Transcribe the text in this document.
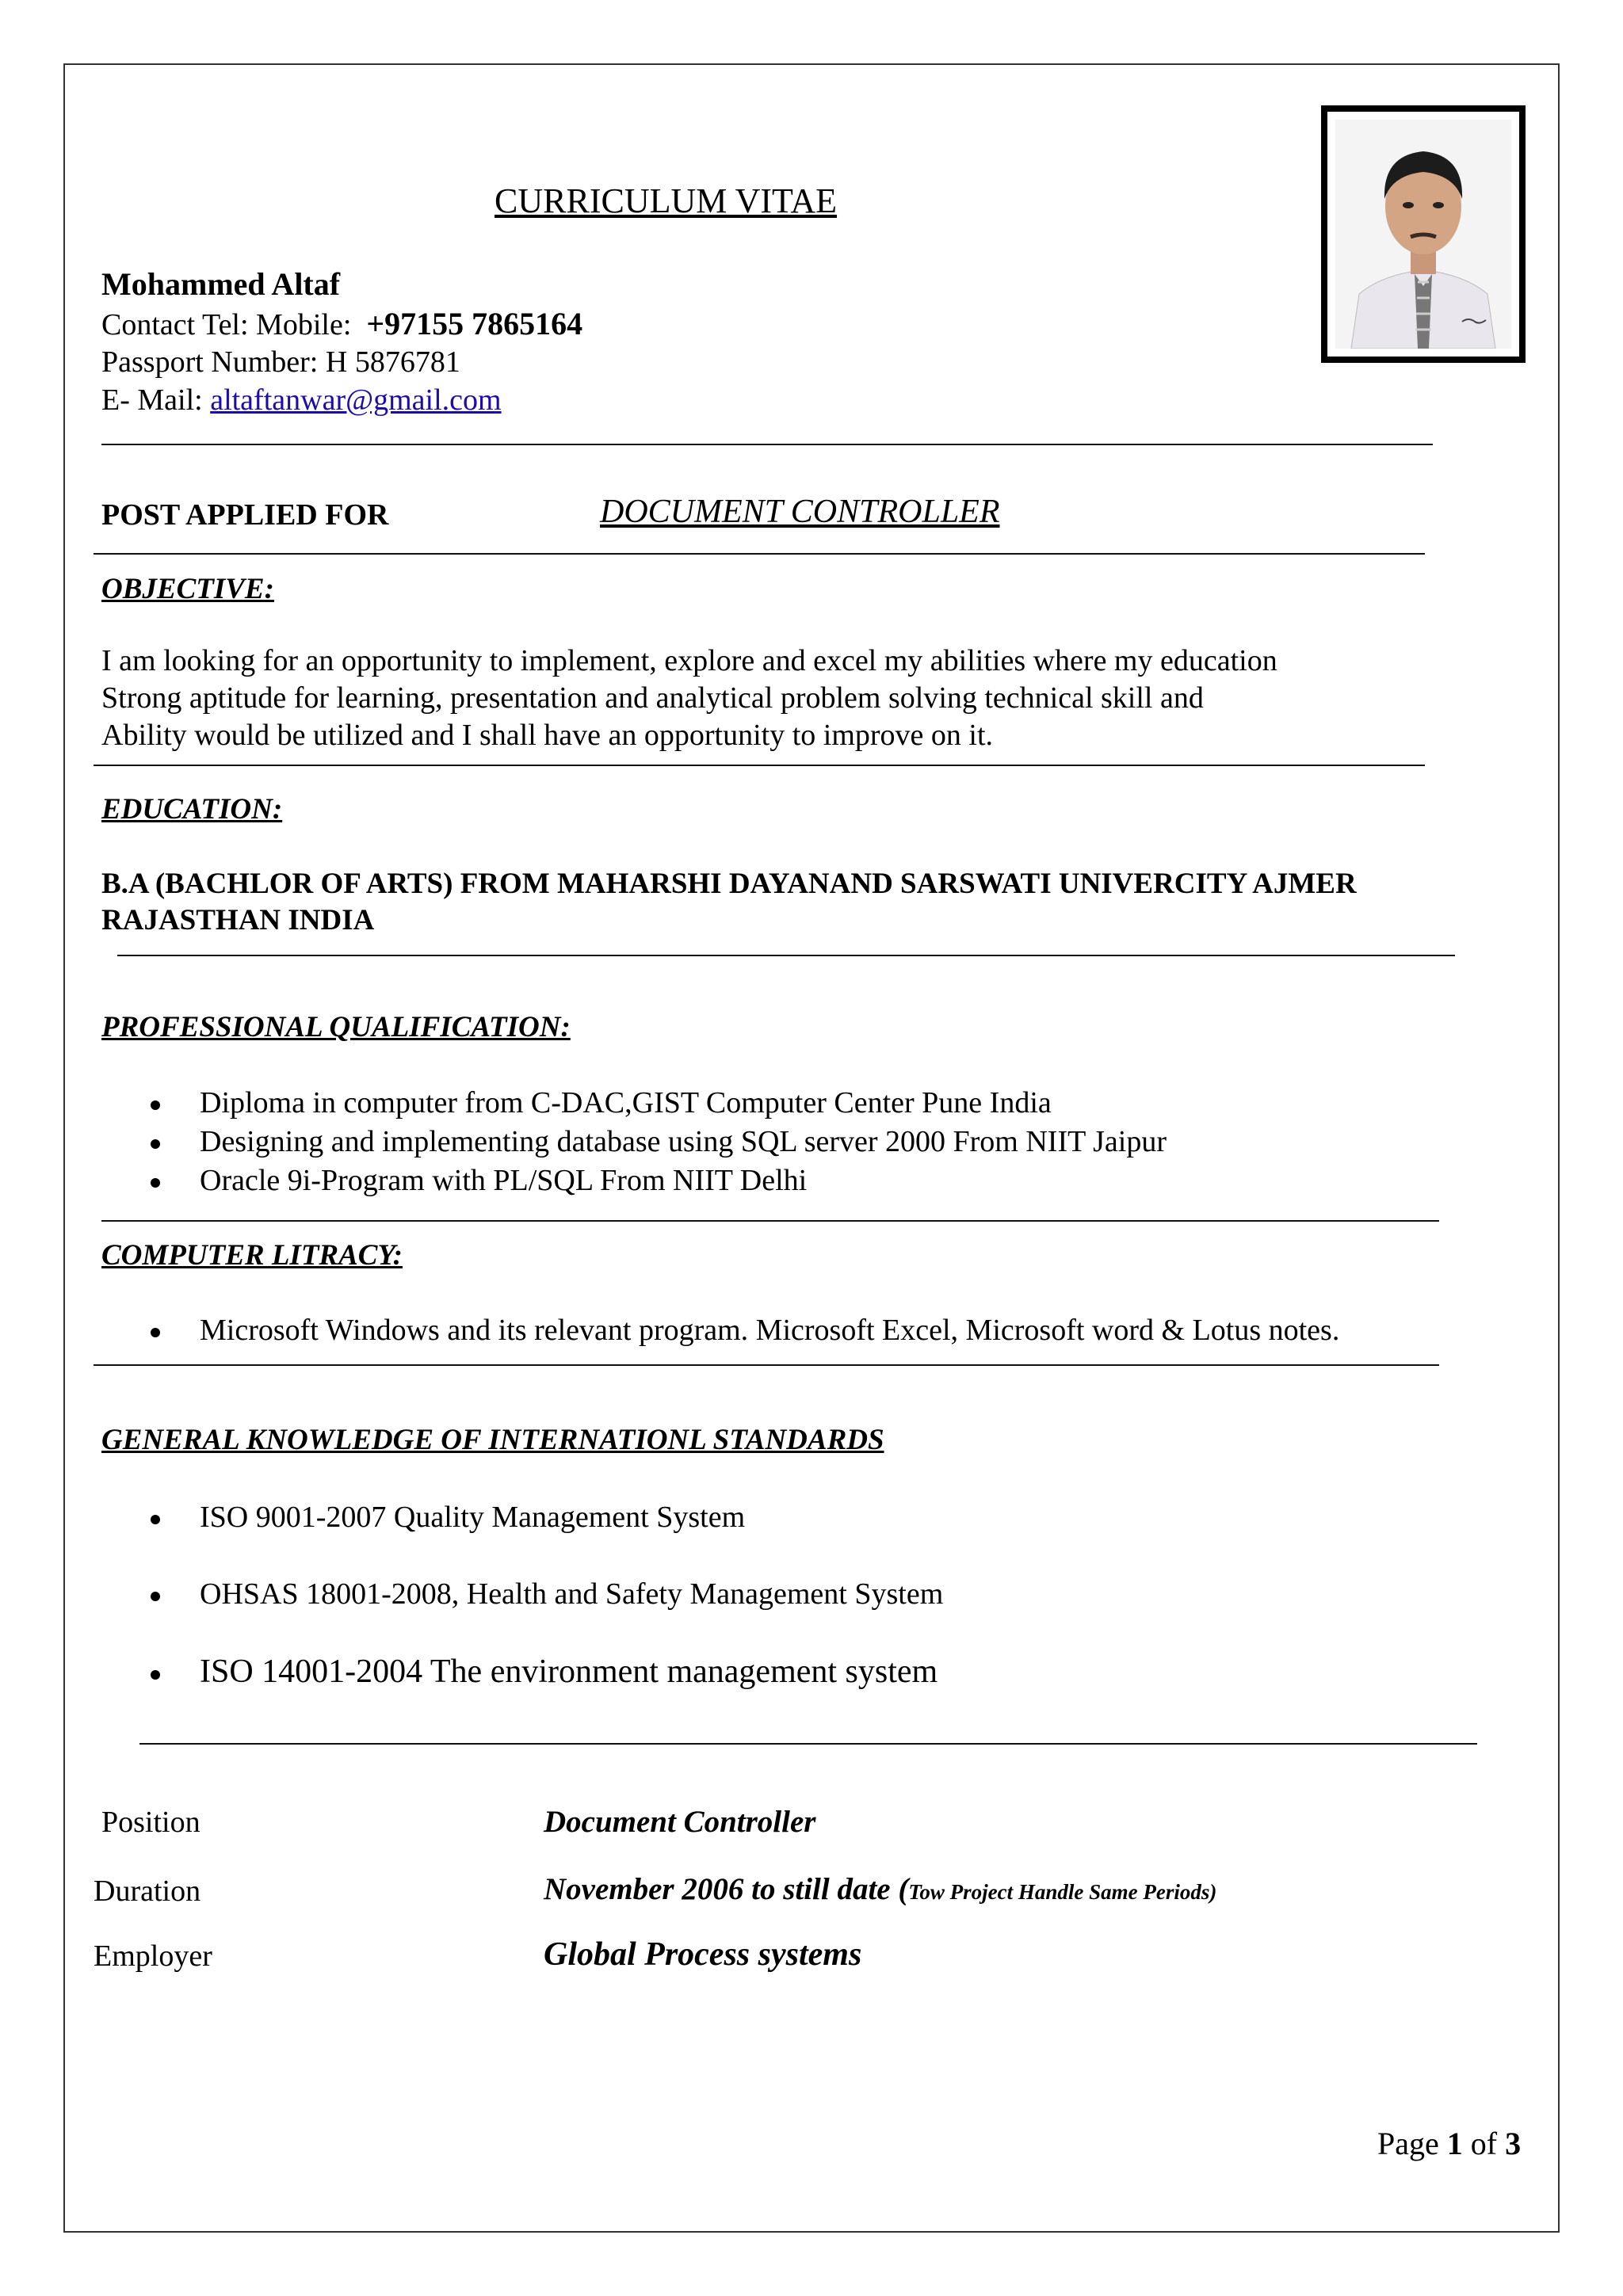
CURRICULUM VITAE
Mohammed Altaf
Contact Tel: Mobile: +97155 7865164
Passport Number: H 5876781
E- Mail: altaftanwar@gmail.com
POST APPLIED FOR	DOCUMENT CONTROLLER
OBJECTIVE:
I am looking for an opportunity to implement, explore and excel my abilities where my education
Strong aptitude for learning, presentation and analytical problem solving technical skill and
Ability would be utilized and I shall have an opportunity to improve on it.
EDUCATION:
B.A (BACHLOR OF ARTS) FROM MAHARSHI DAYANAND SARSWATI UNIVERCITY AJMER
RAJASTHAN INDIA
PROFESSIONAL QUALIFICATION:
Diploma in computer from C-DAC,GIST Computer Center Pune India
Designing and implementing database using SQL server 2000 From NIIT Jaipur
Oracle 9i-Program with PL/SQL From NIIT Delhi
COMPUTER LITRACY:
Microsoft Windows and its relevant program. Microsoft Excel, Microsoft word & Lotus notes.
GENERAL KNOWLEDGE OF INTERNATIONL STANDARDS
ISO 9001-2007 Quality Management System
OHSAS 18001-2008, Health and Safety Management System
ISO 14001-2004 The environment management system
Position	Document Controller
Duration	November 2006 to still date (Tow Project Handle Same Periods)
Employer	Global Process systems
Page 1 of 3
